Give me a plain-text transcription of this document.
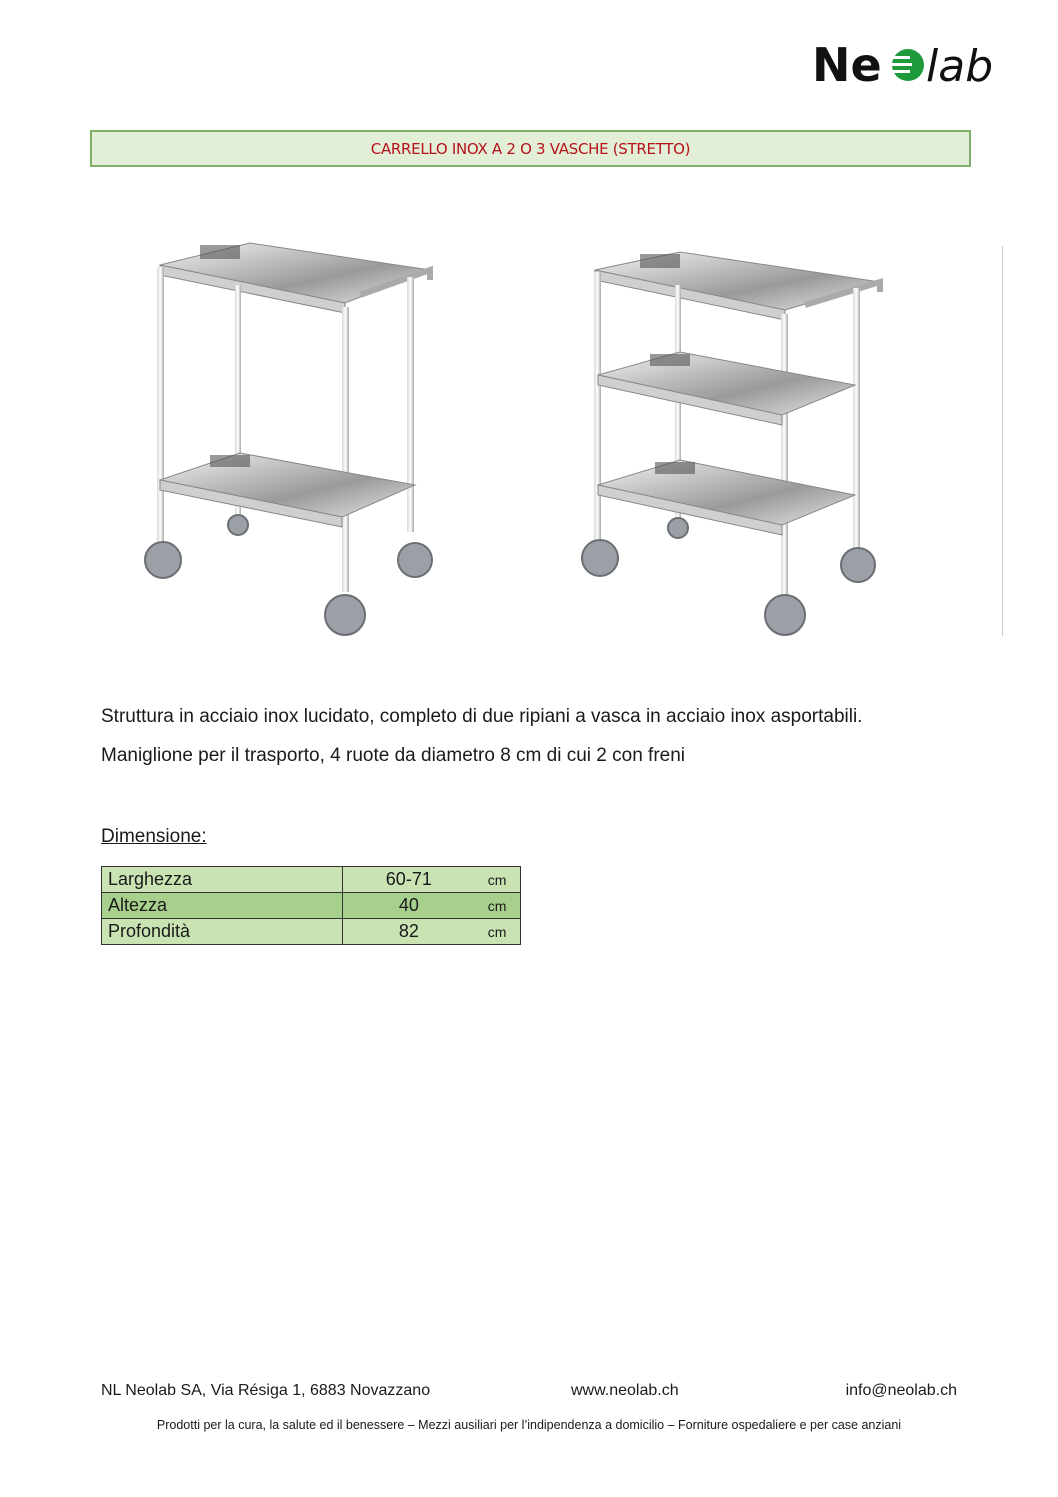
Ne lab
CARRELLO INOX A 2 O 3 VASCHE (STRETTO)
Struttura in acciaio inox lucidato, completo di due ripiani a vasca in acciaio inox asportabili.
Maniglione per il trasporto, 4 ruote da diametro 8 cm di cui 2 con freni
Dimensione:
Larghezza	60-71	cm
Altezza	40	cm
Profondità	82	cm
NL Neolab SA, Via Résiga 1, 6883 Novazzano	www.neolab.ch	info@neolab.ch
Prodotti per la cura, la salute ed il benessere – Mezzi ausiliari per l’indipendenza a domicilio – Forniture ospedaliere e per case anziani
